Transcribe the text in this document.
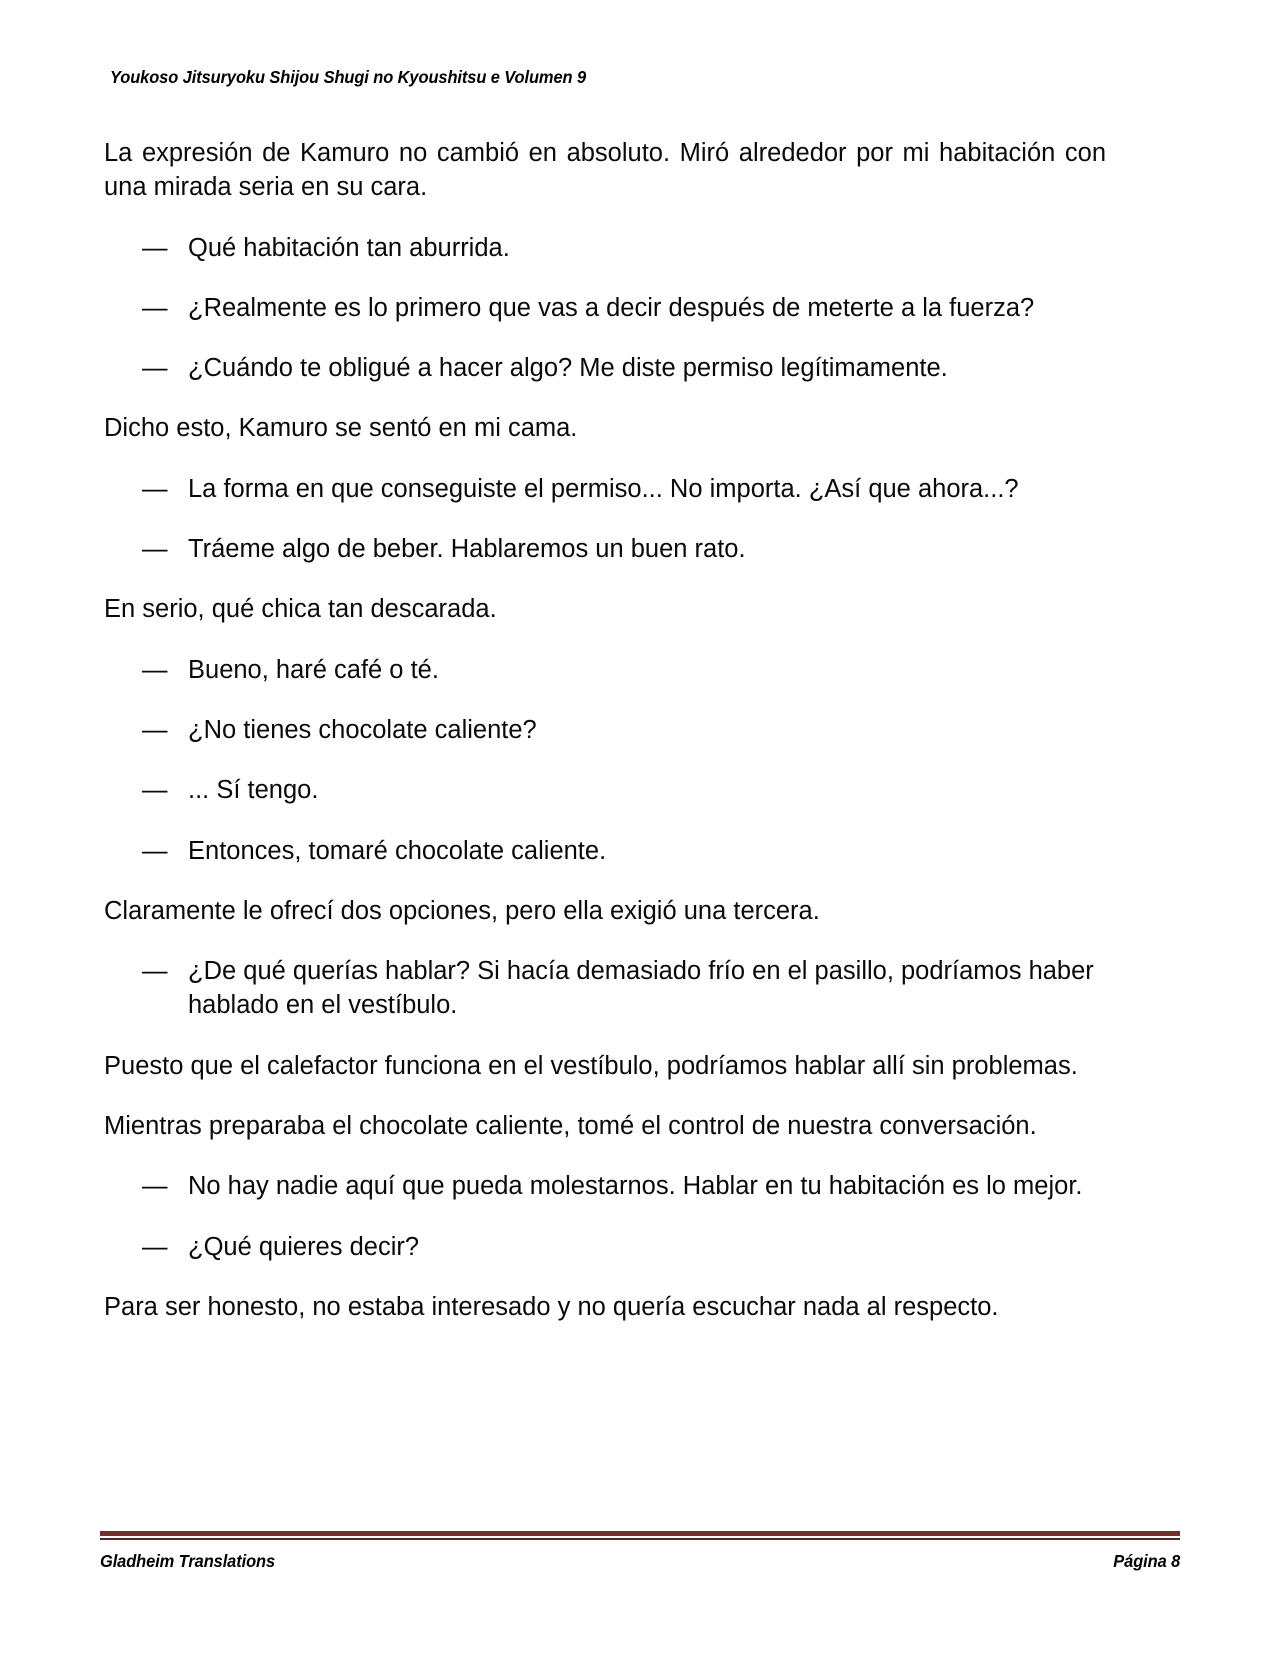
Youkoso Jitsuryoku Shijou Shugi no Kyoushitsu e Volumen 9

La expresión de Kamuro no cambió en absoluto. Miró alrededor por mi habitación con una mirada seria en su cara.

— Qué habitación tan aburrida.

— ¿Realmente es lo primero que vas a decir después de meterte a la fuerza?

— ¿Cuándo te obligué a hacer algo? Me diste permiso legítimamente.

Dicho esto, Kamuro se sentó en mi cama.

— La forma en que conseguiste el permiso... No importa. ¿Así que ahora...?

— Tráeme algo de beber. Hablaremos un buen rato.

En serio, qué chica tan descarada.

— Bueno, haré café o té.

— ¿No tienes chocolate caliente?

— ... Sí tengo.

— Entonces, tomaré chocolate caliente.

Claramente le ofrecí dos opciones, pero ella exigió una tercera.

— ¿De qué querías hablar? Si hacía demasiado frío en el pasillo, podríamos haber hablado en el vestíbulo.

Puesto que el calefactor funciona en el vestíbulo, podríamos hablar allí sin problemas.

Mientras preparaba el chocolate caliente, tomé el control de nuestra conversación.

— No hay nadie aquí que pueda molestarnos. Hablar en tu habitación es lo mejor.

— ¿Qué quieres decir?

Para ser honesto, no estaba interesado y no quería escuchar nada al respecto.

Gladheim Translations	Página 8
